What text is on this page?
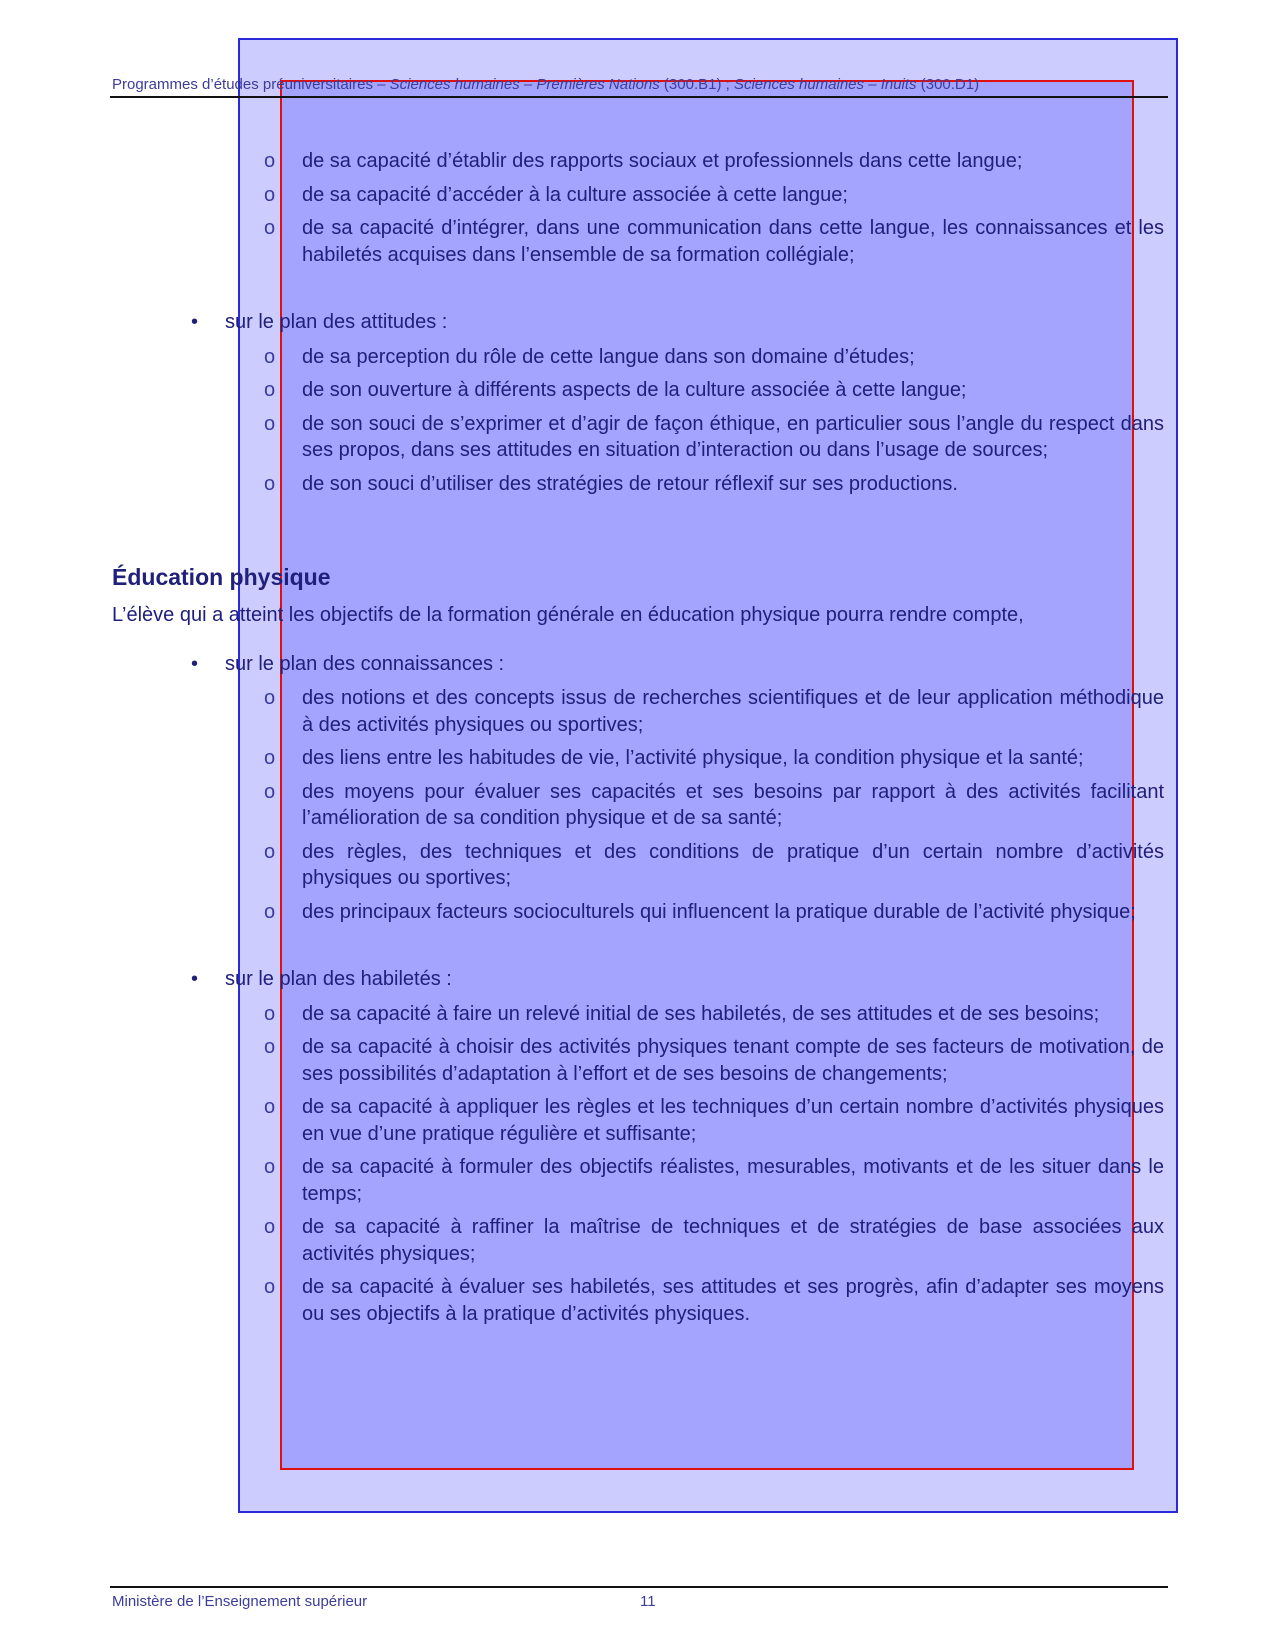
Programmes d’études préuniversitaires – Sciences humaines – Premières Nations (300.B1) ; Sciences humaines – Inuits (300.D1)
o	de sa capacité d’établir des rapports sociaux et professionnels dans cette langue;
o	de sa capacité d’accéder à la culture associée à cette langue;
o	de sa capacité d’intégrer, dans une communication dans cette langue, les connaissances et les habiletés acquises dans l’ensemble de sa formation collégiale;
• sur le plan des attitudes :
o	de sa perception du rôle de cette langue dans son domaine d’études;
o	de son ouverture à différents aspects de la culture associée à cette langue;
o	de son souci de s’exprimer et d’agir de façon éthique, en particulier sous l’angle du respect dans ses propos, dans ses attitudes en situation d’interaction ou dans l’usage de sources;
o	de son souci d’utiliser des stratégies de retour réflexif sur ses productions.
Éducation physique
L’élève qui a atteint les objectifs de la formation générale en éducation physique pourra rendre compte,
• sur le plan des connaissances :
o	des notions et des concepts issus de recherches scientifiques et de leur application méthodique à des activités physiques ou sportives;
o	des liens entre les habitudes de vie, l’activité physique, la condition physique et la santé;
o	des moyens pour évaluer ses capacités et ses besoins par rapport à des activités facilitant l’amélioration de sa condition physique et de sa santé;
o	des règles, des techniques et des conditions de pratique d’un certain nombre d’activités physiques ou sportives;
o	des principaux facteurs socioculturels qui influencent la pratique durable de l’activité physique;
• sur le plan des habiletés :
o	de sa capacité à faire un relevé initial de ses habiletés, de ses attitudes et de ses besoins;
o	de sa capacité à choisir des activités physiques tenant compte de ses facteurs de motivation, de ses possibilités d’adaptation à l’effort et de ses besoins de changements;
o	de sa capacité à appliquer les règles et les techniques d’un certain nombre d’activités physiques en vue d’une pratique régulière et suffisante;
o	de sa capacité à formuler des objectifs réalistes, mesurables, motivants et de les situer dans le temps;
o	de sa capacité à raffiner la maîtrise de techniques et de stratégies de base associées aux activités physiques;
o	de sa capacité à évaluer ses habiletés, ses attitudes et ses progrès, afin d’adapter ses moyens ou ses objectifs à la pratique d’activités physiques.
Ministère de l’Enseignement supérieur	11
